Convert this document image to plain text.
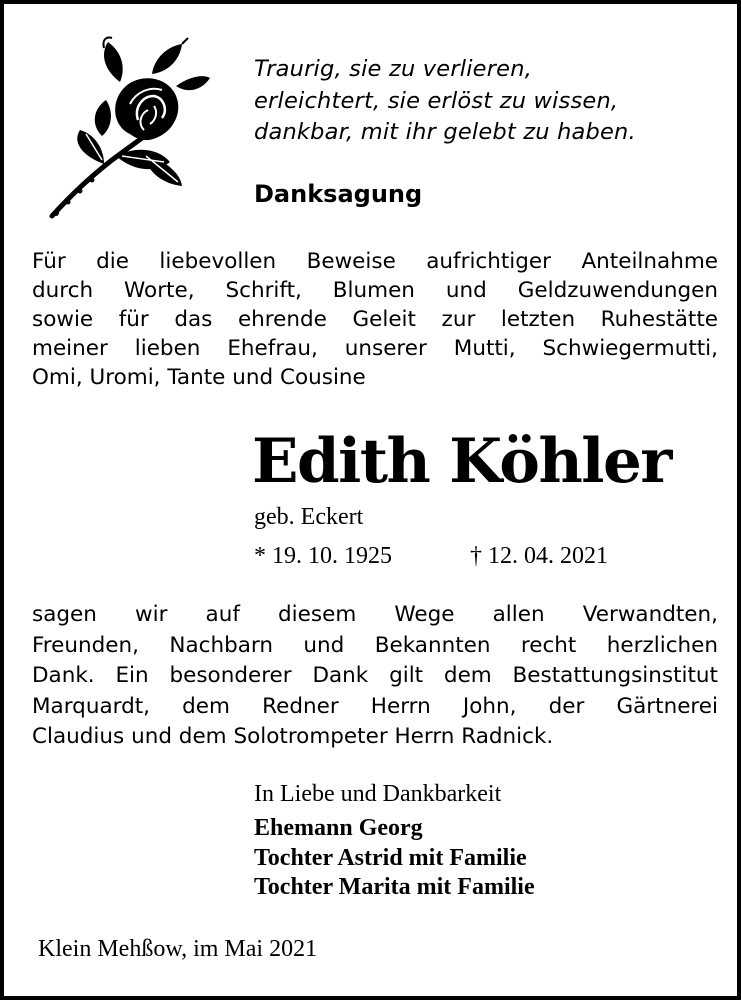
Traurig, sie zu verlieren,
erleichtert, sie erlöst zu wissen,
dankbar, mit ihr gelebt zu haben.
Danksagung
Für die liebevollen Beweise aufrichtiger Anteilnahme
durch Worte, Schrift, Blumen und Geldzuwendungen
sowie für das ehrende Geleit zur letzten Ruhestätte
meiner lieben Ehefrau, unserer Mutti, Schwiegermutti,
Omi, Uromi, Tante und Cousine
Edith Köhler
geb. Eckert
* 19. 10. 1925	† 12. 04. 2021
sagen wir auf diesem Wege allen Verwandten,
Freunden, Nachbarn und Bekannten recht herzlichen
Dank. Ein besonderer Dank gilt dem Bestattungsinstitut
Marquardt, dem Redner Herrn John, der Gärtnerei
Claudius und dem Solotrompeter Herrn Radnick.
In Liebe und Dankbarkeit
Ehemann Georg
Tochter Astrid mit Familie
Tochter Marita mit Familie
Klein Mehßow, im Mai 2021
